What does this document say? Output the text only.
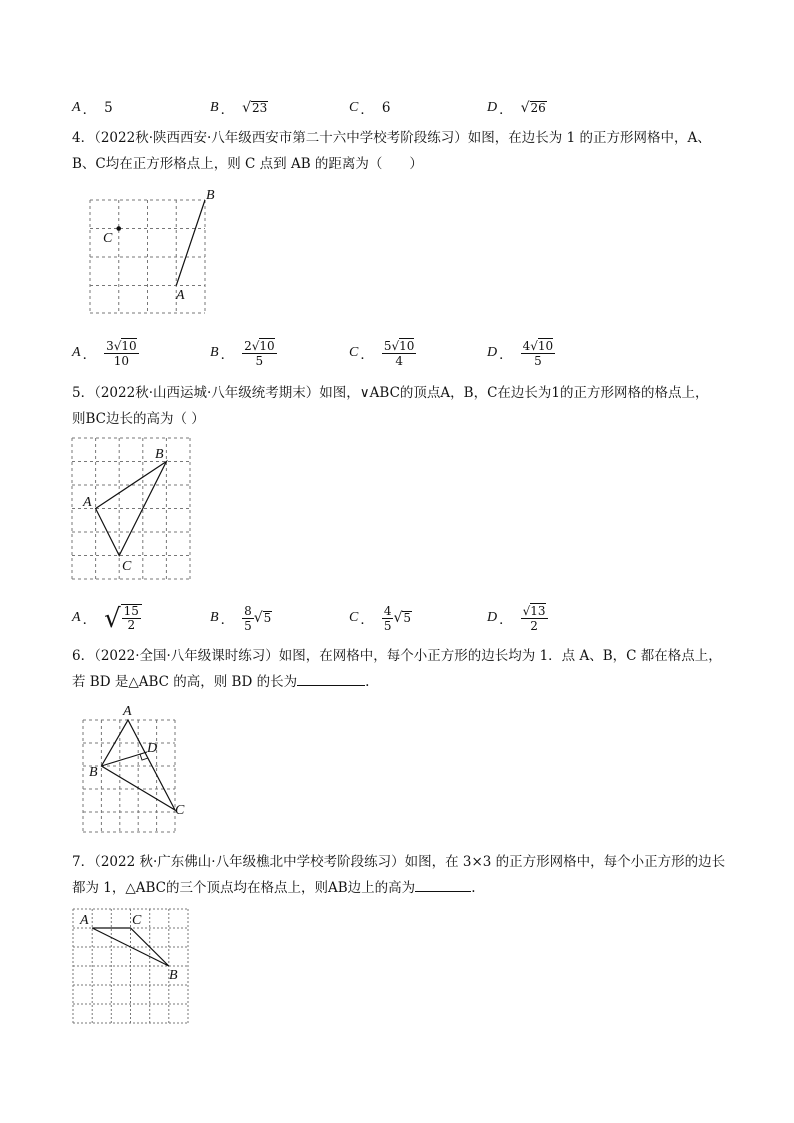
A ． 5	B ． √ 23	C ． 6	D ． √ 26
4．（2022秋·陕西西安·八年级西安市第二十六中学校考阶段练习）如图，在边长为 1 的正方形网格中，A、
B、C均在正方形格点上，则 C 点到 AB 的距离为（　　）
B
C
A
A ． $\frac{3√10}{10}$	B ． $\frac{2√10}{5}$	C ． $\frac{5√10}{4}$	D ． $\frac{4√10}{5}$
5．（2022秋·山西运城·八年级统考期末）如图，∨ABC的顶点A，B，C在边长为1的正方形网格的格点上，
则BC边长的高为（ ）
B
A
C
A ． √ $\frac{15}{2}$	B ． $\frac{8}{5}$ √ 5	C ． $\frac{4}{5}$ √ 5	D ． $\frac{√13}{2}$
6．（2022·全国·八年级课时练习）如图，在网格中，每个小正方形的边长均为 1．点 A、B，C 都在格点上，
若 BD 是△ABC 的高，则 BD 的长为	.
A
D
B
C
7．（2022 秋·广东佛山·八年级樵北中学校考阶段练习）如图，在 3×3 的正方形网格中，每个小正方形的边长
都为 1，△ABC的三个顶点均在格点上，则AB边上的高为	.
A	C
B
